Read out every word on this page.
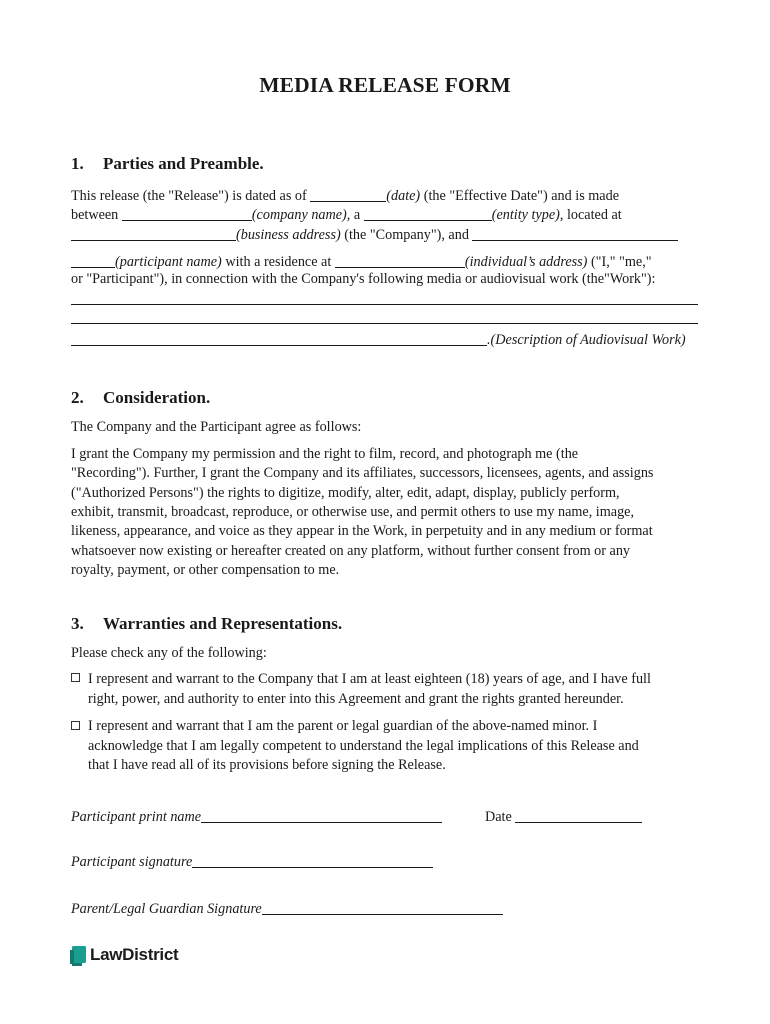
MEDIA RELEASE FORM
1. Parties and Preamble.
This release (the "Release") is dated as of	(date) (the "Effective Date") and is made
between	(company name), a	(entity type), located at
(business address) (the "Company"), and
(participant name) with a residence at	(individual’s address) ("I," "me,"
or "Participant"), in connection with the Company's following media or audiovisual work (the"Work"):
.(Description of Audiovisual Work)
2. Consideration.
The Company and the Participant agree as follows:
I grant the Company my permission and the right to film, record, and photograph me (the
"Recording"). Further, I grant the Company and its affiliates, successors, licensees, agents, and assigns
("Authorized Persons") the rights to digitize, modify, alter, edit, adapt, display, publicly perform,
exhibit, transmit, broadcast, reproduce, or otherwise use, and permit others to use my name, image,
likeness, appearance, and voice as they appear in the Work, in perpetuity and in any medium or format
whatsoever now existing or hereafter created on any platform, without further consent from or any
royalty, payment, or other compensation to me.
3. Warranties and Representations.
Please check any of the following:
I represent and warrant to the Company that I am at least eighteen (18) years of age, and I have full
right, power, and authority to enter into this Agreement and grant the rights granted hereunder.
I represent and warrant that I am the parent or legal guardian of the above-named minor. I
acknowledge that I am legally competent to understand the legal implications of this Release and
that I have read all of its provisions before signing the Release.
Participant print name	Date
Participant signature
Parent/Legal Guardian Signature
LawDistrict
